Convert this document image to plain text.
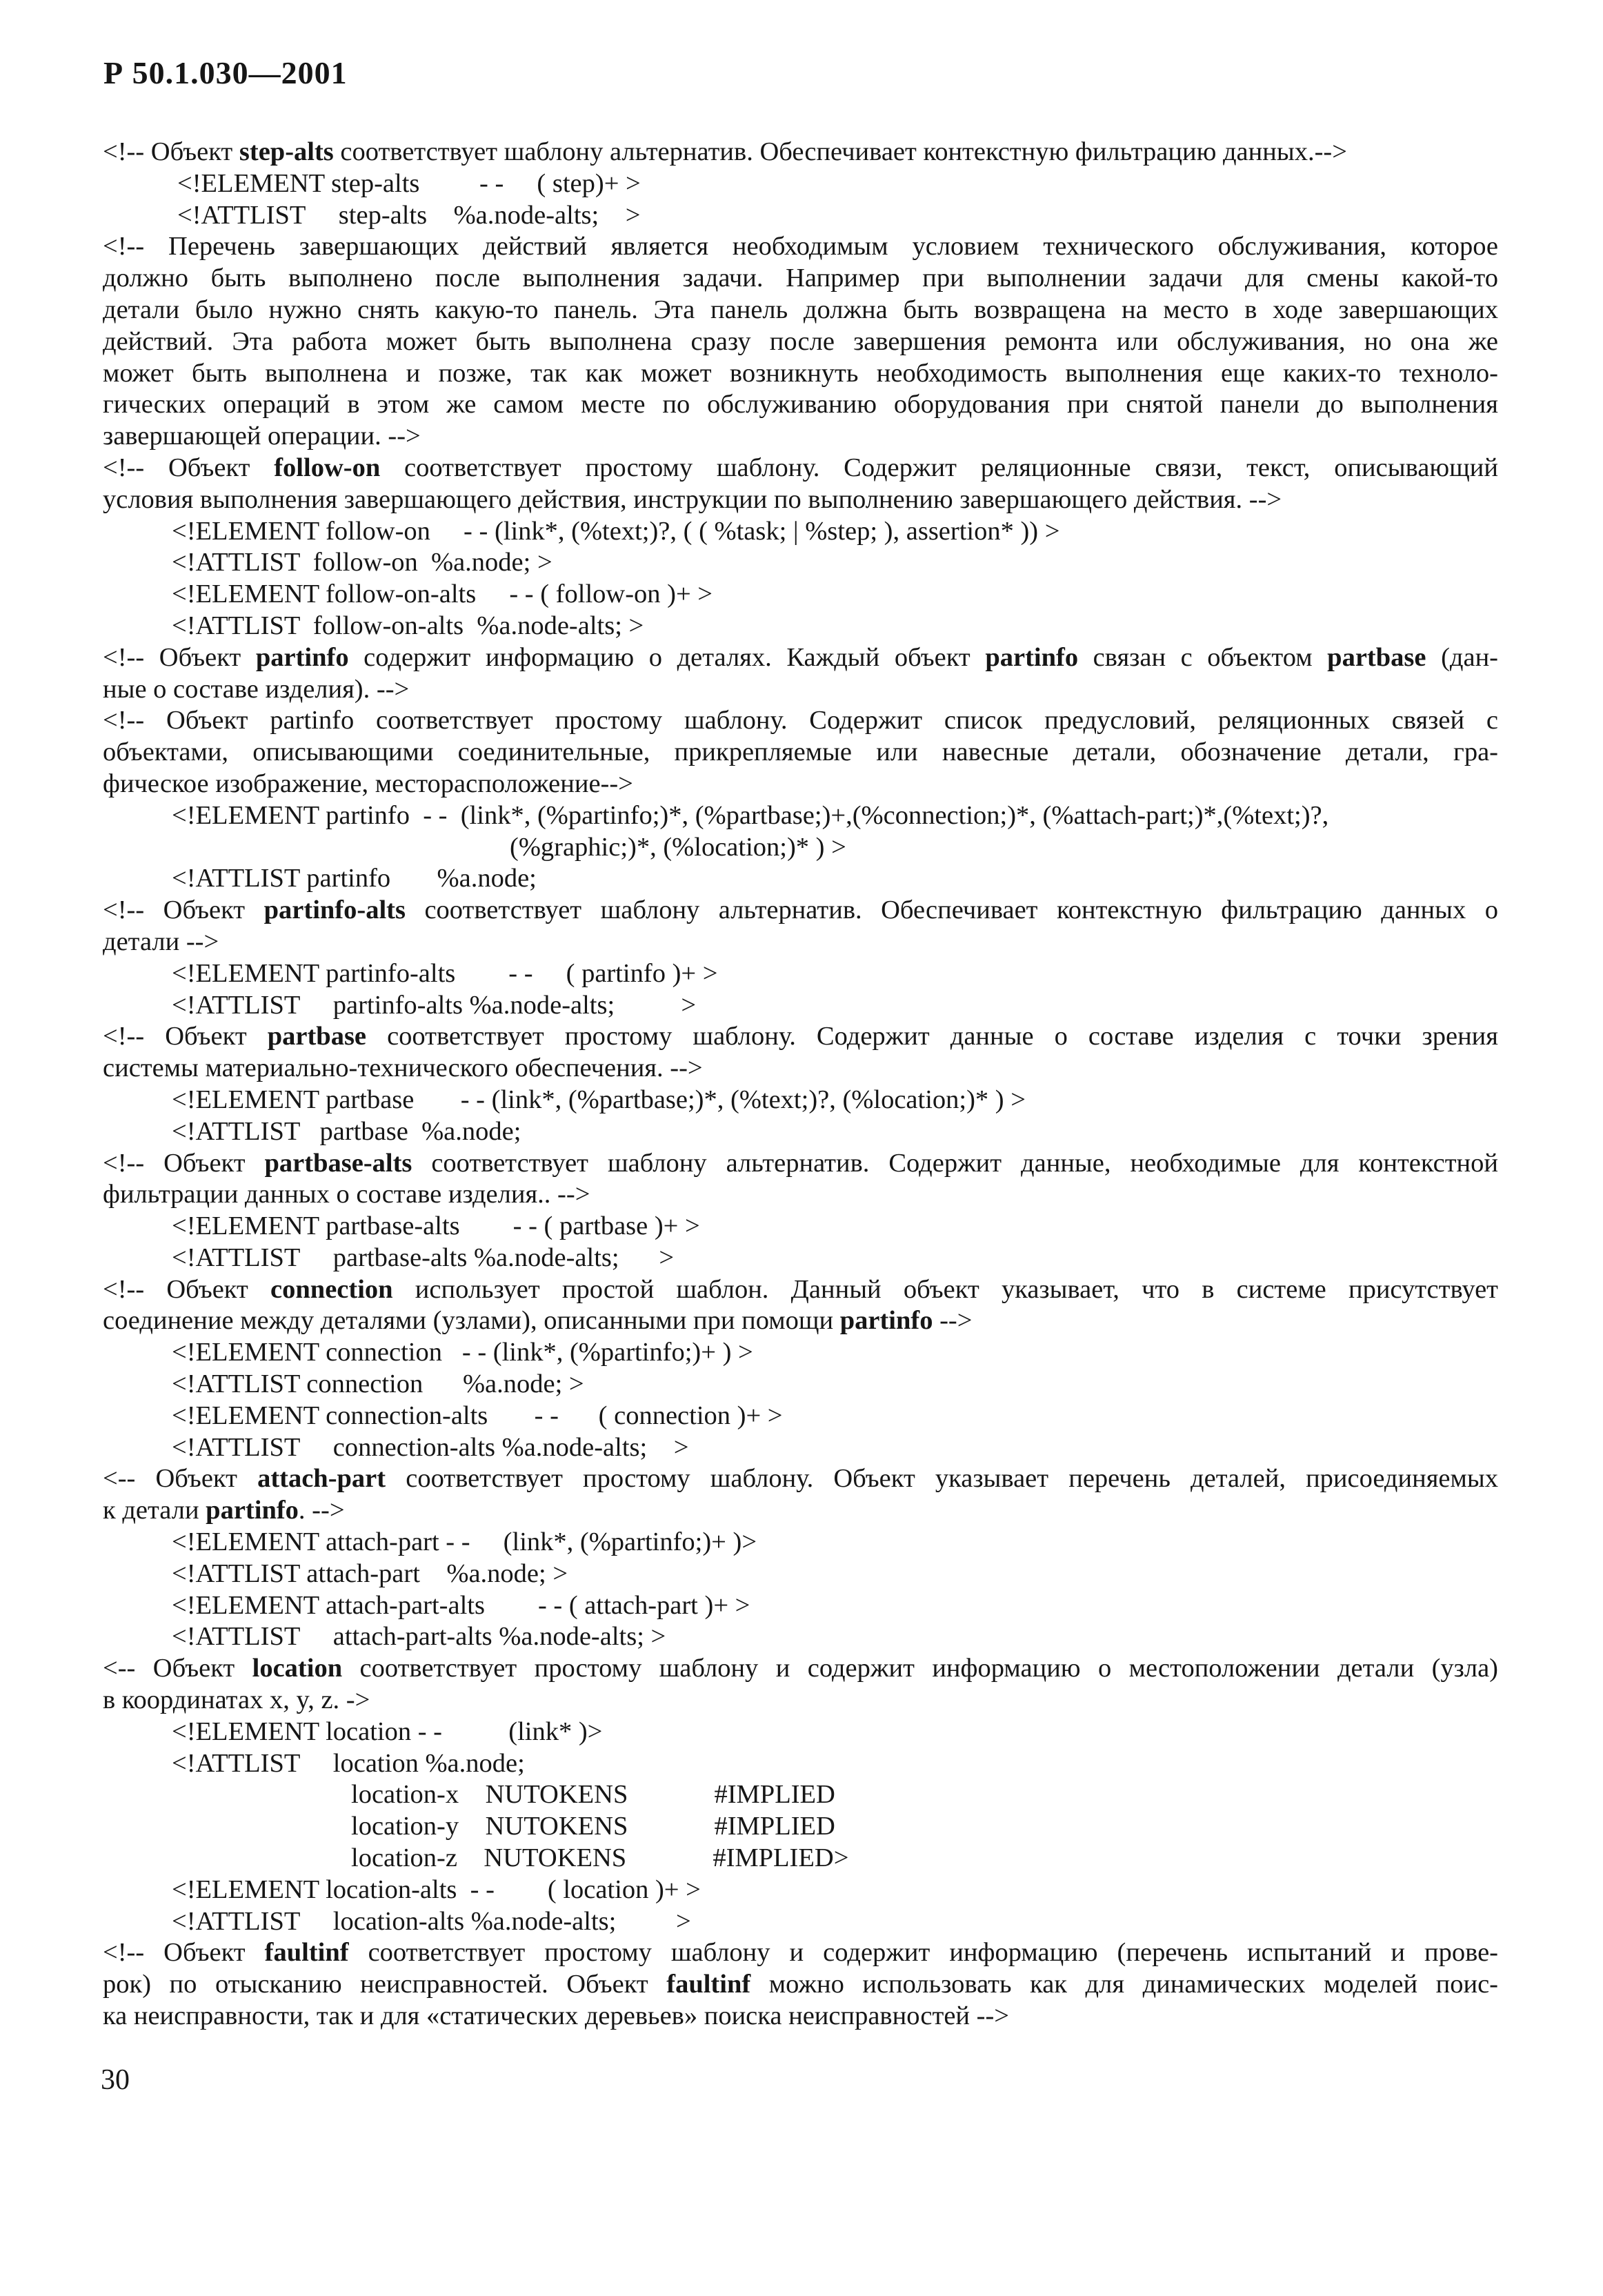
Р 50.1.030—2001
<!-- Объект step-alts соответствует шаблону альтернатив. Обеспечивает контекстную фильтрацию данных.-->
<!ELEMENT step-alts         - -     ( step)+ >
<!ATTLIST     step-alts    %a.node-alts;    >
<!-- Перечень завершающих действий является необходимым условием технического обслуживания, которое
должно быть выполнено после выполнения задачи. Например при выполнении задачи для смены какой-то
детали было нужно снять какую-то панель. Эта панель должна быть возвращена на место в ходе завершающих
действий. Эта работа может быть выполнена сразу после завершения ремонта или обслуживания, но она же
может быть выполнена и позже, так как может возникнуть необходимость выполнения еще каких-то техноло-
гических операций в этом же самом месте по обслуживанию оборудования при снятой панели до выполнения
завершающей операции. -->
<!-- Объект follow-on соответствует простому шаблону. Содержит реляционные связи, текст, описывающий
условия выполнения завершающего действия, инструкции по выполнению завершающего действия. -->
<!ELEMENT follow-on     - - (link*, (%text;)?, ( ( %task; | %step; ), assertion* )) >
<!ATTLIST  follow-on  %a.node; >
<!ELEMENT follow-on-alts     - - ( follow-on )+ >
<!ATTLIST  follow-on-alts  %a.node-alts; >
<!-- Объект partinfo содержит информацию о деталях. Каждый объект partinfo связан с объектом partbase (дан-
ные о составе изделия). -->
<!-- Объект partinfo соответствует простому шаблону. Содержит список предусловий, реляционных связей с
объектами, описывающими соединительные, прикрепляемые или навесные детали, обозначение детали, гра-
фическое изображение, месторасположение-->
<!ELEMENT partinfo  - -  (link*, (%partinfo;)*, (%partbase;)+,(%connection;)*, (%attach-part;)*,(%text;)?,
(%graphic;)*, (%location;)* ) >
<!ATTLIST partinfo       %a.node;
<!-- Объект partinfo-alts соответствует шаблону альтернатив. Обеспечивает контекстную фильтрацию данных о
детали -->
<!ELEMENT partinfo-alts        - -     ( partinfo )+ >
<!ATTLIST     partinfo-alts %a.node-alts;          >
<!-- Объект partbase соответствует простому шаблону. Содержит данные о составе изделия с точки зрения
системы материально-технического обеспечения. -->
<!ELEMENT partbase       - - (link*, (%partbase;)*, (%text;)?, (%location;)* ) >
<!ATTLIST   partbase  %a.node;
<!-- Объект partbase-alts соответствует шаблону альтернатив. Содержит данные, необходимые для контекстной
фильтрации данных о составе изделия.. -->
<!ELEMENT partbase-alts        - - ( partbase )+ >
<!ATTLIST     partbase-alts %a.node-alts;      >
<!-- Объект connection использует простой шаблон. Данный объект указывает, что в системе присутствует
соединение между деталями (узлами), описанными при помощи partinfo -->
<!ELEMENT connection   - - (link*, (%partinfo;)+ ) >
<!ATTLIST connection      %a.node; >
<!ELEMENT connection-alts       - -      ( connection )+ >
<!ATTLIST     connection-alts %a.node-alts;    >
<-- Объект attach-part соответствует простому шаблону. Объект указывает перечень деталей, присоединяемых
к детали partinfo. -->
<!ELEMENT attach-part - -     (link*, (%partinfo;)+ )>
<!ATTLIST attach-part    %a.node; >
<!ELEMENT attach-part-alts        - - ( attach-part )+ >
<!ATTLIST     attach-part-alts %a.node-alts; >
<-- Объект location соответствует простому шаблону и содержит информацию о местоположении детали (узла)
в координатах x, y, z. ->
<!ELEMENT location - -          (link* )>
<!ATTLIST     location %a.node;
location-x    NUTOKENS             #IMPLIED
location-y    NUTOKENS             #IMPLIED
location-z    NUTOKENS             #IMPLIED>
<!ELEMENT location-alts  - -        ( location )+ >
<!ATTLIST     location-alts %a.node-alts;         >
<!-- Объект faultinf соответствует простому шаблону и содержит информацию (перечень испытаний и прове-
рок) по отысканию неисправностей. Объект faultinf можно использовать как для динамических моделей поис-
ка неисправности, так и для «статических деревьев» поиска неисправностей -->
30
